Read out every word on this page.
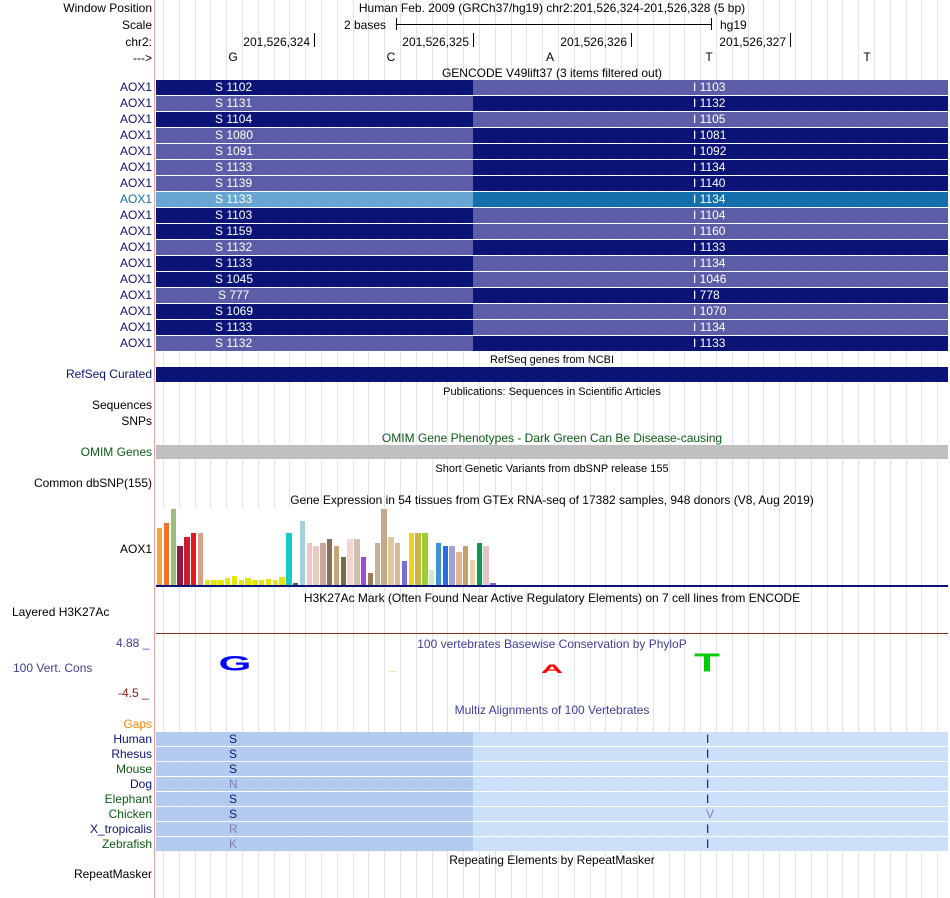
Window Position	Human Feb. 2009 (GRCh37/hg19) chr2:201,526,324-201,526,328 (5 bp)
Scale	2 bases	hg19
chr2:	201,526,324	201,526,325	201,526,326	201,526,327
--->	G	C	A	T	T
GENCODE V49lift37 (3 items filtered out)
AOX1	S 1102	I 1103
AOX1	S 1131	I 1132
AOX1	S 1104	I 1105
AOX1	S 1080	I 1081
AOX1	S 1091	I 1092
AOX1	S 1133	I 1134
AOX1	S 1139	I 1140
AOX1	S 1133	I 1134
AOX1	S 1103	I 1104
AOX1	S 1159	I 1160
AOX1	S 1132	I 1133
AOX1	S 1133	I 1134
AOX1	S 1045	I 1046
AOX1	S 777	I 778
AOX1	S 1069	I 1070
AOX1	S 1133	I 1134
AOX1	S 1132	I 1133
RefSeq genes from NCBI
RefSeq Curated
Publications: Sequences in Scientific Articles
Sequences
SNPs
OMIM Gene Phenotypes - Dark Green Can Be Disease-causing
OMIM Genes
Short Genetic Variants from dbSNP release 155
Common dbSNP(155)
Gene Expression in 54 tissues from GTEx RNA-seq of 17382 samples, 948 donors (V8, Aug 2019)
AOX1
H3K27Ac Mark (Often Found Near Active Regulatory Elements) on 7 cell lines from ENCODE
Layered H3K27Ac
100 vertebrates Basewise Conservation by PhyloP
4.88 _
100 Vert. Cons
-4.5 _
G	C	A	T
Multiz Alignments of 100 Vertebrates
Gaps
Human	S	I
Rhesus	S	I
Mouse	S	I
Dog	N	I
Elephant	S	I
Chicken	S	V
X_tropicalis	R	I
Zebrafish	K	I
Repeating Elements by RepeatMasker
RepeatMasker
